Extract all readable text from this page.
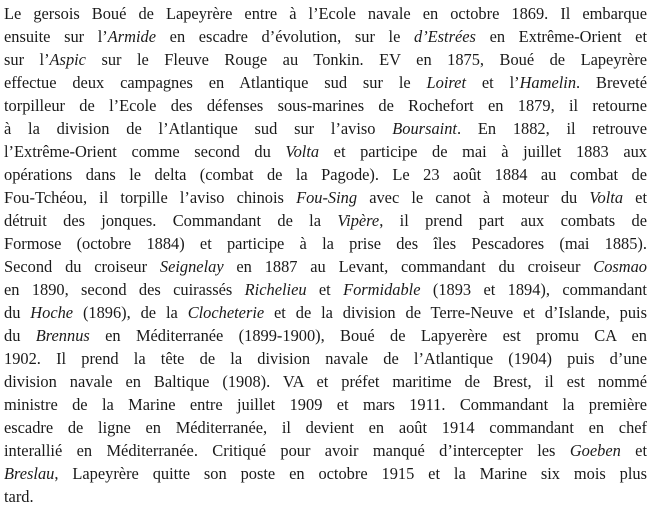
Le gersois Boué de Lapeyrère entre à l’Ecole navale en octobre 1869. Il embarque
ensuite sur l’Armide en escadre d’évolution, sur le d’Estrées en Extrême-Orient et
sur l’Aspic sur le Fleuve Rouge au Tonkin. EV en 1875, Boué de Lapeyrère
effectue deux campagnes en Atlantique sud sur le Loiret et l’Hamelin. Breveté
torpilleur de l’Ecole des défenses sous-marines de Rochefort en 1879, il retourne
à la division de l’Atlantique sud sur l’aviso Boursaint. En 1882, il retrouve
l’Extrême-Orient comme second du Volta et participe de mai à juillet 1883 aux
opérations dans le delta (combat de la Pagode). Le 23 août 1884 au combat de
Fou-Tchéou, il torpille l’aviso chinois Fou-Sing avec le canot à moteur du Volta et
détruit des jonques. Commandant de la Vipère, il prend part aux combats de
Formose (octobre 1884) et participe à la prise des îles Pescadores (mai 1885).
Second du croiseur Seignelay en 1887 au Levant, commandant du croiseur Cosmao
en 1890, second des cuirassés Richelieu et Formidable (1893 et 1894), commandant
du Hoche (1896), de la Clocheterie et de la division de Terre-Neuve et d’Islande, puis
du Brennus en Méditerranée (1899-1900), Boué de Lapyerère est promu CA en
1902. Il prend la tête de la division navale de l’Atlantique (1904) puis d’une
division navale en Baltique (1908). VA et préfet maritime de Brest, il est nommé
ministre de la Marine entre juillet 1909 et mars 1911. Commandant la première
escadre de ligne en Méditerranée, il devient en août 1914 commandant en chef
interallié en Méditerranée. Critiqué pour avoir manqué d’intercepter les Goeben et
Breslau, Lapeyrère quitte son poste en octobre 1915 et la Marine six mois plus
tard.
